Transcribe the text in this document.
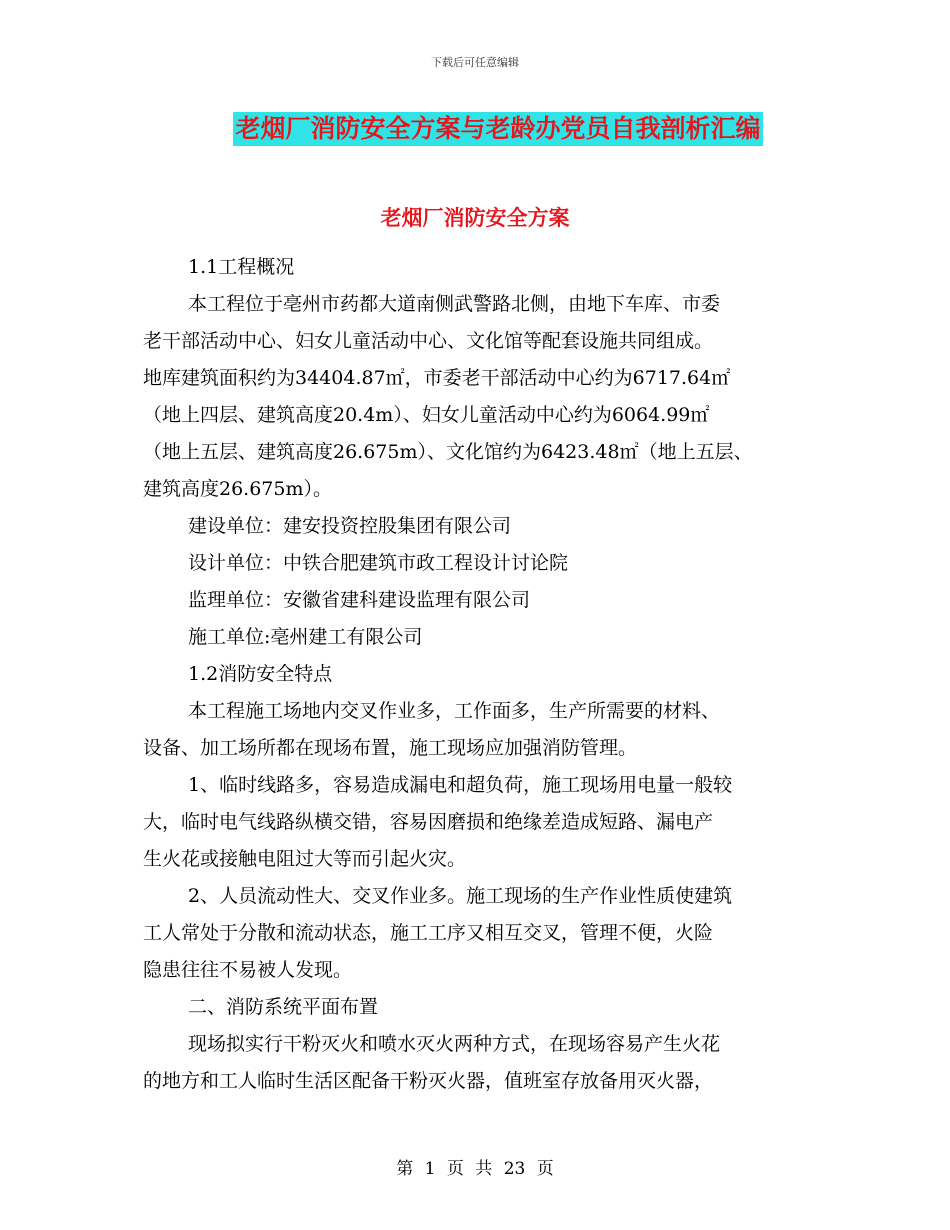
下载后可任意编辑
老烟厂消防安全方案与老龄办党员自我剖析汇编
老烟厂消防安全方案

1.1工程概况

本工程位于亳州市药都大道南侧武警路北侧，由地下车库、市委

老干部活动中心、妇女儿童活动中心、文化馆等配套设施共同组成。

地库建筑面积约为34404.87㎡，市委老干部活动中心约为6717.64㎡

（地上四层、建筑高度20.4m）、妇女儿童活动中心约为6064.99㎡

（地上五层、建筑高度26.675m）、文化馆约为6423.48㎡（地上五层、

建筑高度26.675m）。

建设单位：建安投资控股集团有限公司

设计单位：中铁合肥建筑市政工程设计讨论院

监理单位：安徽省建科建设监理有限公司

施工单位:亳州建工有限公司

1.2消防安全特点

本工程施工场地内交叉作业多，工作面多，生产所需要的材料、

设备、加工场所都在现场布置，施工现场应加强消防管理。

1、临时线路多，容易造成漏电和超负荷，施工现场用电量一般较

大，临时电气线路纵横交错，容易因磨损和绝缘差造成短路、漏电产

生火花或接触电阻过大等而引起火灾。

2、人员流动性大、交叉作业多。施工现场的生产作业性质使建筑

工人常处于分散和流动状态，施工工序又相互交叉，管理不便，火险

隐患往往不易被人发现。

二、消防系统平面布置

现场拟实行干粉灭火和喷水灭火两种方式，在现场容易产生火花

的地方和工人临时生活区配备干粉灭火器，值班室存放备用灭火器，

第 1 页 共 23 页
